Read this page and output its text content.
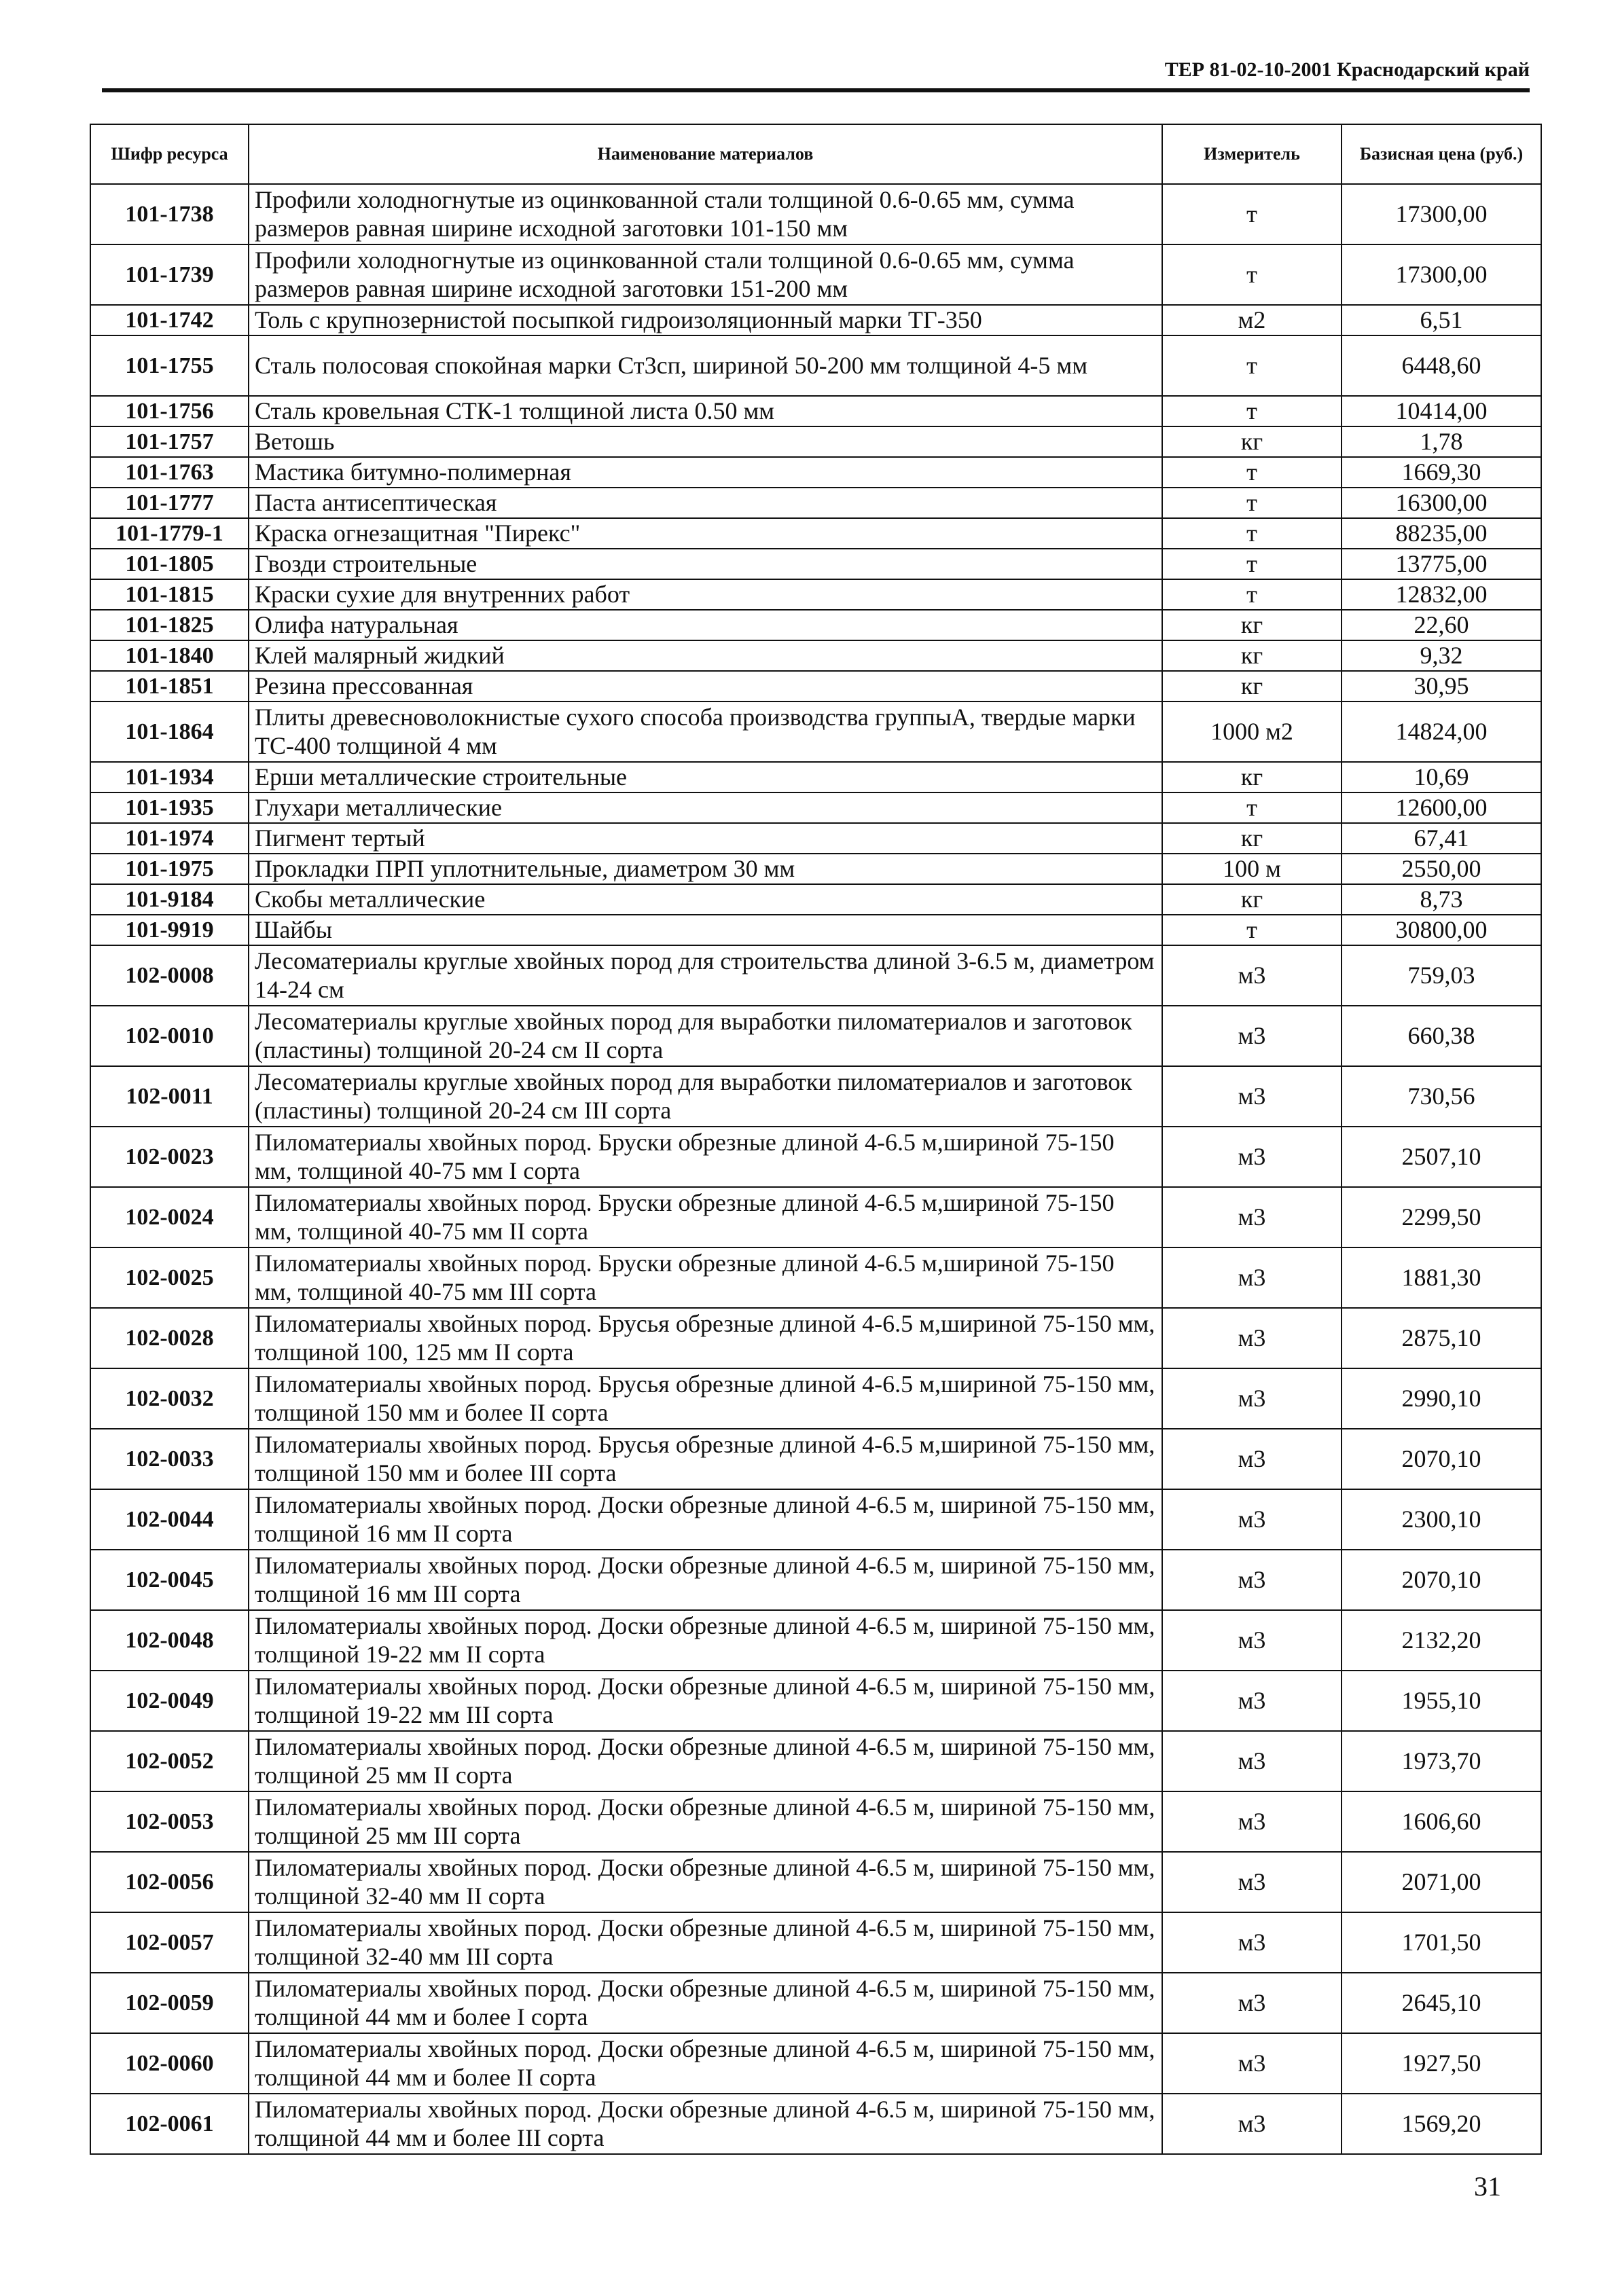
ТЕР 81-02-10-2001 Краснодарский край
Шифр ресурса	Наименование материалов	Измеритель	Базисная цена (руб.)
101-1738	Профили холодногнутые из оцинкованной стали толщиной 0.6-0.65 мм, сумма размеров равная ширине исходной заготовки 101-150 мм	т	17300,00
101-1739	Профили холодногнутые из оцинкованной стали толщиной 0.6-0.65 мм, сумма размеров равная ширине исходной заготовки 151-200 мм	т	17300,00
101-1742	Толь с крупнозернистой посыпкой гидроизоляционный марки ТГ-350	м2	6,51
101-1755	Сталь полосовая спокойная марки Ст3сп, шириной 50-200 мм толщиной 4-5 мм	т	6448,60
101-1756	Сталь кровельная СТК-1 толщиной листа 0.50 мм	т	10414,00
101-1757	Ветошь	кг	1,78
101-1763	Мастика битумно-полимерная	т	1669,30
101-1777	Паста антисептическая	т	16300,00
101-1779-1	Краска огнезащитная "Пирекс"	т	88235,00
101-1805	Гвозди строительные	т	13775,00
101-1815	Краски сухие для внутренних работ	т	12832,00
101-1825	Олифа натуральная	кг	22,60
101-1840	Клей малярный жидкий	кг	9,32
101-1851	Резина прессованная	кг	30,95
101-1864	Плиты древесноволокнистые сухого способа производства группыА, твердые марки ТС-400 толщиной 4 мм	1000 м2	14824,00
101-1934	Ерши металлические строительные	кг	10,69
101-1935	Глухари металлические	т	12600,00
101-1974	Пигмент тертый	кг	67,41
101-1975	Прокладки ПРП уплотнительные, диаметром 30 мм	100 м	2550,00
101-9184	Скобы металлические	кг	8,73
101-9919	Шайбы	т	30800,00
102-0008	Лесоматериалы круглые хвойных пород для строительства длиной 3-6.5 м, диаметром 14-24 см	м3	759,03
102-0010	Лесоматериалы круглые хвойных пород для выработки пиломатериалов и заготовок (пластины) толщиной 20-24 см II сорта	м3	660,38
102-0011	Лесоматериалы круглые хвойных пород для выработки пиломатериалов и заготовок (пластины) толщиной 20-24 см III сорта	м3	730,56
102-0023	Пиломатериалы хвойных пород. Бруски обрезные длиной 4-6.5 м,шириной 75-150 мм, толщиной 40-75 мм I сорта	м3	2507,10
102-0024	Пиломатериалы хвойных пород. Бруски обрезные длиной 4-6.5 м,шириной 75-150 мм, толщиной 40-75 мм II сорта	м3	2299,50
102-0025	Пиломатериалы хвойных пород. Бруски обрезные длиной 4-6.5 м,шириной 75-150 мм, толщиной 40-75 мм III сорта	м3	1881,30
102-0028	Пиломатериалы хвойных пород. Брусья обрезные длиной 4-6.5 м,шириной 75-150 мм, толщиной 100, 125 мм II сорта	м3	2875,10
102-0032	Пиломатериалы хвойных пород. Брусья обрезные длиной 4-6.5 м,шириной 75-150 мм, толщиной 150 мм и более II сорта	м3	2990,10
102-0033	Пиломатериалы хвойных пород. Брусья обрезные длиной 4-6.5 м,шириной 75-150 мм, толщиной 150 мм и более III сорта	м3	2070,10
102-0044	Пиломатериалы хвойных пород. Доски обрезные длиной 4-6.5 м, шириной 75-150 мм, толщиной 16 мм II сорта	м3	2300,10
102-0045	Пиломатериалы хвойных пород. Доски обрезные длиной 4-6.5 м, шириной 75-150 мм, толщиной 16 мм III сорта	м3	2070,10
102-0048	Пиломатериалы хвойных пород. Доски обрезные длиной 4-6.5 м, шириной 75-150 мм, толщиной 19-22 мм II сорта	м3	2132,20
102-0049	Пиломатериалы хвойных пород. Доски обрезные длиной 4-6.5 м, шириной 75-150 мм, толщиной 19-22 мм III сорта	м3	1955,10
102-0052	Пиломатериалы хвойных пород. Доски обрезные длиной 4-6.5 м, шириной 75-150 мм, толщиной 25 мм II сорта	м3	1973,70
102-0053	Пиломатериалы хвойных пород. Доски обрезные длиной 4-6.5 м, шириной 75-150 мм, толщиной 25 мм III сорта	м3	1606,60
102-0056	Пиломатериалы хвойных пород. Доски обрезные длиной 4-6.5 м, шириной 75-150 мм, толщиной 32-40 мм II сорта	м3	2071,00
102-0057	Пиломатериалы хвойных пород. Доски обрезные длиной 4-6.5 м, шириной 75-150 мм, толщиной 32-40 мм III сорта	м3	1701,50
102-0059	Пиломатериалы хвойных пород. Доски обрезные длиной 4-6.5 м, шириной 75-150 мм, толщиной 44 мм и более I сорта	м3	2645,10
102-0060	Пиломатериалы хвойных пород. Доски обрезные длиной 4-6.5 м, шириной 75-150 мм, толщиной 44 мм и более II сорта	м3	1927,50
102-0061	Пиломатериалы хвойных пород. Доски обрезные длиной 4-6.5 м, шириной 75-150 мм, толщиной 44 мм и более III сорта	м3	1569,20
31
